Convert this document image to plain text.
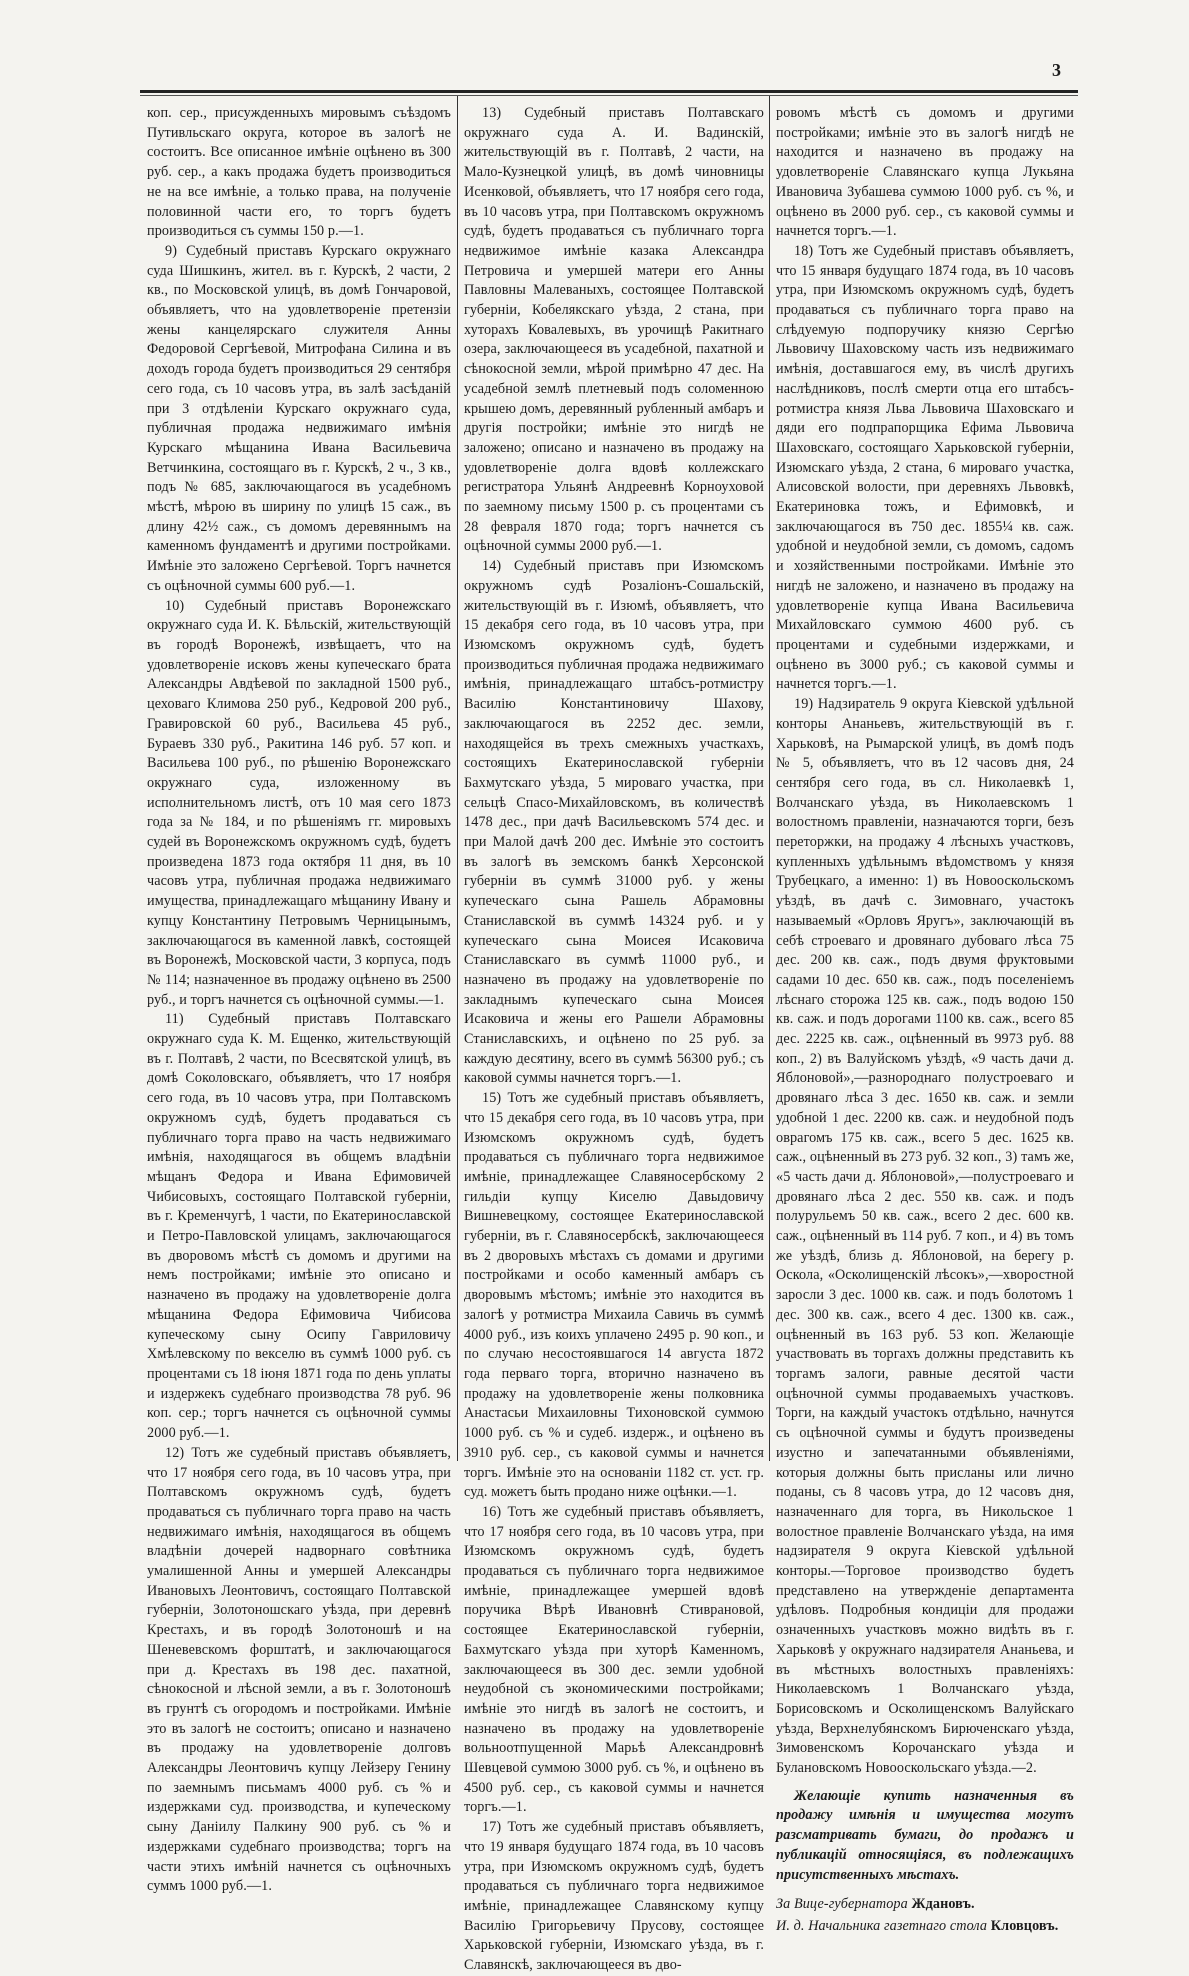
3

коп. сер., присужденныхъ мировымъ съѣздомъ Путивльскаго округа, которое въ залогѣ не состоитъ. Все описанное имѣніе оцѣнено въ 300 руб. сер., а какъ продажа будетъ производиться не на все имѣніе, а только права, на полученіе половинной части его, то торгъ будетъ производиться съ суммы 150 р.—1.

9) Судебный приставъ Курскаго окружнаго суда Шишкинъ, жител. въ г. Курскѣ, 2 части, 2 кв., по Московской улицѣ, въ домѣ Гончаровой, объявляетъ, что на удовлетвореніе претензіи жены канцелярскаго служителя Анны Федоровой Сергѣевой, Митрофана Силина и въ доходъ города будетъ производиться 29 сентября сего года, съ 10 часовъ утра, въ залѣ засѣданій при 3 отдѣленіи Курскаго окружнаго суда, публичная продажа недвижимаго имѣнія Курскаго мѣщанина Ивана Васильевича Ветчинкина, состоящаго въ г. Курскѣ, 2 ч., 3 кв., подъ № 685, заключающагося въ усадебномъ мѣстѣ, мѣрою въ ширину по улицѣ 15 саж., въ длину 42½ саж., съ домомъ деревяннымъ на каменномъ фундаментѣ и другими постройками. Имѣніе это заложено Сергѣевой. Торгъ начнется съ оцѣночной суммы 600 руб.—1.

10) Судебный приставъ Воронежскаго окружнаго суда И. К. Бѣльскій, жительствующій въ городѣ Воронежѣ, извѣщаетъ, что на удовлетвореніе исковъ жены купеческаго брата Александры Авдѣевой по закладной 1500 руб., цеховаго Климова 250 руб., Кедровой 200 руб., Гравировской 60 руб., Васильева 45 руб., Бураевъ 330 руб., Ракитина 146 руб. 57 коп. и Васильева 100 руб., по рѣшенію Воронежскаго окружнаго суда, изложенному въ исполнительномъ листѣ, отъ 10 мая сего 1873 года за № 184, и по рѣшеніямъ гг. мировыхъ судей въ Воронежскомъ окружномъ судѣ, будетъ произведена 1873 года октября 11 дня, въ 10 часовъ утра, публичная продажа недвижимаго имущества, принадлежащаго мѣщанину Ивану и купцу Константину Петровымъ Черницынымъ, заключающагося въ каменной лавкѣ, состоящей въ Воронежѣ, Московской части, 3 корпуса, подъ № 114; назначенное въ продажу оцѣнено въ 2500 руб., и торгъ начнется съ оцѣночной суммы.—1.

11) Судебный приставъ Полтавскаго окружнаго суда К. М. Ещенко, жительствующій въ г. Полтавѣ, 2 части, по Всесвятской улицѣ, въ домѣ Соколовскаго, объявляетъ, что 17 ноября сего года, въ 10 часовъ утра, при Полтавскомъ окружномъ судѣ, будетъ продаваться съ публичнаго торга право на часть недвижимаго имѣнія, находящагося въ общемъ владѣніи мѣщанъ Федора и Ивана Ефимовичей Чибисовыхъ, состоящаго Полтавской губерніи, въ г. Кременчугѣ, 1 части, по Екатеринославской и Петро-Павловской улицамъ, заключающагося въ дворовомъ мѣстѣ съ домомъ и другими на немъ постройками; имѣніе это описано и назначено въ продажу на удовлетвореніе долга мѣщанина Федора Ефимовича Чибисова купеческому сыну Осипу Гавриловичу Хмѣлевскому по векселю въ суммѣ 1000 руб. съ процентами съ 18 іюня 1871 года по день уплаты и издержекъ судебнаго производства 78 руб. 96 коп. сер.; торгъ начнется съ оцѣночной суммы 2000 руб.—1.

12) Тотъ же судебный приставъ объявляетъ, что 17 ноября сего года, въ 10 часовъ утра, при Полтавскомъ окружномъ судѣ, будетъ продаваться съ публичнаго торга право на часть недвижимаго имѣнія, находящагося въ общемъ владѣніи дочерей надворнаго совѣтника умалишенной Анны и умершей Александры Ивановыхъ Леонтовичъ, состоящаго Полтавской губерніи, Золотоношскаго уѣзда, при деревнѣ Крестахъ, и въ городѣ Золотоношѣ и на Шеневевскомъ форштатѣ, и заключающагося при д. Крестахъ въ 198 дес. пахатной, сѣнокосной и лѣсной земли, а въ г. Золотоношѣ въ грунтѣ съ огородомъ и постройками. Имѣніе это въ залогѣ не состоитъ; описано и назначено въ продажу на удовлетвореніе долговъ Александры Леонтовичъ купцу Лейзеру Генину по заемнымъ письмамъ 4000 руб. съ % и издержками суд. производства, и купеческому сыну Даніилу Палкину 900 руб. съ % и издержками судебнаго производства; торгъ на части этихъ имѣній начнется съ оцѣночныхъ суммъ 1000 руб.—1.

13) Судебный приставъ Полтавскаго окружнаго суда А. И. Вадинскій, жительствующій въ г. Полтавѣ, 2 части, на Мало-Кузнецкой улицѣ, въ домѣ чиновницы Исенковой, объявляетъ, что 17 ноября сего года, въ 10 часовъ утра, при Полтавскомъ окружномъ судѣ, будетъ продаваться съ публичнаго торга недвижимое имѣніе казака Александра Петровича и умершей матери его Анны Павловны Малеваныхъ, состоящее Полтавской губерніи, Кобелякскаго уѣзда, 2 стана, при хуторахъ Ковалевыхъ, въ урочищѣ Ракитнаго озера, заключающееся въ усадебной, пахатной и сѣнокосной земли, мѣрой примѣрно 47 дес. На усадебной землѣ плетневый подъ соломенною крышею домъ, деревянный рубленный амбаръ и другія постройки; имѣніе это нигдѣ не заложено; описано и назначено въ продажу на удовлетвореніе долга вдовѣ коллежскаго регистратора Ульянѣ Андреевнѣ Корноуховой по заемному письму 1500 р. съ процентами съ 28 февраля 1870 года; торгъ начнется съ оцѣночной суммы 2000 руб.—1.

14) Судебный приставъ при Изюмскомъ окружномъ судѣ Розаліонъ-Сошальскій, жительствующій въ г. Изюмѣ, объявляетъ, что 15 декабря сего года, въ 10 часовъ утра, при Изюмскомъ окружномъ судѣ, будетъ производиться публичная продажа недвижимаго имѣнія, принадлежащаго штабсъ-ротмистру Василію Константиновичу Шахову, заключающагося въ 2252 дес. земли, находящейся въ трехъ смежныхъ участкахъ, состоящихъ Екатеринославской губерніи Бахмутскаго уѣзда, 5 мироваго участка, при сельцѣ Спасо-Михайловскомъ, въ количествѣ 1478 дес., при дачѣ Васильевскомъ 574 дес. и при Малой дачѣ 200 дес. Имѣніе это состоитъ въ залогѣ въ земскомъ банкѣ Херсонской губерніи въ суммѣ 31000 руб. у жены купеческаго сына Рашель Абрамовны Станиславской въ суммѣ 14324 руб. и у купеческаго сына Моисея Исаковича Станиславскаго въ суммѣ 11000 руб., и назначено въ продажу на удовлетвореніе по закладнымъ купеческаго сына Моисея Исаковича и жены его Рашели Абрамовны Станиславскихъ, и оцѣнено по 25 руб. за каждую десятину, всего въ суммѣ 56300 руб.; съ каковой суммы начнется торгъ.—1.

15) Тотъ же судебный приставъ объявляетъ, что 15 декабря сего года, въ 10 часовъ утра, при Изюмскомъ окружномъ судѣ, будетъ продаваться съ публичнаго торга недвижимое имѣніе, принадлежащее Славяносербскому 2 гильдіи купцу Киселю Давыдовичу Вишневецкому, состоящее Екатеринославской губерніи, въ г. Славяносербскѣ, заключающееся въ 2 дворовыхъ мѣстахъ съ домами и другими постройками и особо каменный амбаръ съ дворовымъ мѣстомъ; имѣніе это находится въ залогѣ у ротмистра Михаила Савичь въ суммѣ 4000 руб., изъ коихъ уплачено 2495 р. 90 коп., и по случаю несостоявшагося 14 августа 1872 года перваго торга, вторично назначено въ продажу на удовлетвореніе жены полковника Анастасьи Михаиловны Тихоновской суммою 1000 руб. съ % и судеб. издерж., и оцѣнено въ 3910 руб. сер., съ каковой суммы и начнется торгъ. Имѣніе это на основаніи 1182 ст. уст. гр. суд. можетъ быть продано ниже оцѣнки.—1.

16) Тотъ же судебный приставъ объявляетъ, что 17 ноября сего года, въ 10 часовъ утра, при Изюмскомъ окружномъ судѣ, будетъ продаваться съ публичнаго торга недвижимое имѣніе, принадлежащее умершей вдовѣ поручика Вѣрѣ Ивановнѣ Стиврановой, состоящее Екатеринославской губерніи, Бахмутскаго уѣзда при хуторѣ Каменномъ, заключающееся въ 300 дес. земли удобной неудобной съ экономическими постройками; имѣніе это нигдѣ въ залогѣ не состоитъ, и назначено въ продажу на удовлетвореніе вольноотпущенной Марьѣ Александровнѣ Шевцевой суммою 3000 руб. съ %, и оцѣнено въ 4500 руб. сер., съ каковой суммы и начнется торгъ.—1.

17) Тотъ же судебный приставъ объявляетъ, что 19 января будущаго 1874 года, въ 10 часовъ утра, при Изюмскомъ окружномъ судѣ, будетъ продаваться съ публичнаго торга недвижимое имѣніе, принадлежащее Славянскому купцу Василію Григорьевичу Прусову, состоящее Харьковской губерніи, Изюмскаго уѣзда, въ г. Славянскѣ, заключающееся въ дво-

ровомъ мѣстѣ съ домомъ и другими постройками; имѣніе это въ залогѣ нигдѣ не находится и назначено въ продажу на удовлетвореніе Славянскаго купца Лукьяна Ивановича Зубашева суммою 1000 руб. съ %, и оцѣнено въ 2000 руб. сер., съ каковой суммы и начнется торгъ.—1.

18) Тотъ же Судебный приставъ объявляетъ, что 15 января будущаго 1874 года, въ 10 часовъ утра, при Изюмскомъ окружномъ судѣ, будетъ продаваться съ публичнаго торга право на слѣдуемую подпоручику князю Сергѣю Львовичу Шаховскому часть изъ недвижимаго имѣнія, доставшагося ему, въ числѣ другихъ наслѣдниковъ, послѣ смерти отца его штабсъ-ротмистра князя Льва Львовича Шаховскаго и дяди его подпрапорщика Ефима Львовича Шаховскаго, состоящаго Харьковской губерніи, Изюмскаго уѣзда, 2 стана, 6 мироваго участка, Алисовской волости, при деревняхъ Львовкѣ, Екатериновка тожъ, и Ефимовкѣ, и заключающагося въ 750 дес. 1855¼ кв. саж. удобной и неудобной земли, съ домомъ, садомъ и хозяйственными постройками. Имѣніе это нигдѣ не заложено, и назначено въ продажу на удовлетвореніе купца Ивана Васильевича Михайловскаго суммою 4600 руб. съ процентами и судебными издержками, и оцѣнено въ 3000 руб.; съ каковой суммы и начнется торгъ.—1.

19) Надзиратель 9 округа Кіевской удѣльной конторы Ананьевъ, жительствующій въ г. Харьковѣ, на Рымарской улицѣ, въ домѣ подъ № 5, объявляетъ, что въ 12 часовъ дня, 24 сентября сего года, въ сл. Николаевкѣ 1, Волчанскаго уѣзда, въ Николаевскомъ 1 волостномъ правленіи, назначаются торги, безъ переторжки, на продажу 4 лѣсныхъ участковъ, купленныхъ удѣльнымъ вѣдомствомъ у князя Трубецкаго, а именно: 1) въ Новооскольскомъ уѣздѣ, въ дачѣ с. Зимовнаго, участокъ называемый «Орловъ Яругъ», заключающій въ себѣ строеваго и дровянаго дубоваго лѣса 75 дес. 200 кв. саж., подъ двумя фруктовыми садами 10 дес. 650 кв. саж., подъ поселеніемъ лѣснаго сторожа 125 кв. саж., подъ водою 150 кв. саж. и подъ дорогами 1100 кв. саж., всего 85 дес. 2225 кв. саж., оцѣненный въ 9973 руб. 88 коп., 2) въ Валуйскомъ уѣздѣ, «9 часть дачи д. Яблоновой»,—разнороднаго полустроеваго и дровянаго лѣса 3 дес. 1650 кв. саж. и земли удобной 1 дес. 2200 кв. саж. и неудобной подъ оврагомъ 175 кв. саж., всего 5 дес. 1625 кв. саж., оцѣненный въ 273 руб. 32 коп., 3) тамъ же, «5 часть дачи д. Яблоновой»,—полустроеваго и дровянаго лѣса 2 дес. 550 кв. саж. и подъ полурульемъ 50 кв. саж., всего 2 дес. 600 кв. саж., оцѣненный въ 114 руб. 7 коп., и 4) въ томъ же уѣздѣ, близь д. Яблоновой, на берегу р. Оскола, «Осколищенскій лѣсокъ»,—хворостной заросли 3 дес. 1000 кв. саж. и подъ болотомъ 1 дес. 300 кв. саж., всего 4 дес. 1300 кв. саж., оцѣненный въ 163 руб. 53 коп. Желающіе участвовать въ торгахъ должны представить къ торгамъ залоги, равные десятой части оцѣночной суммы продаваемыхъ участковъ. Торги, на каждый участокъ отдѣльно, начнутся съ оцѣночной суммы и будутъ произведены изустно и запечатанными объявленіями, которыя должны быть присланы или лично поданы, съ 8 часовъ утра, до 12 часовъ дня, назначеннаго для торга, въ Никольское 1 волостное правленіе Волчанскаго уѣзда, на имя надзирателя 9 округа Кіевской удѣльной конторы.—Торговое производство будетъ представлено на утвержденіе департамента удѣловъ. Подробныя кондиціи для продажи означенныхъ участковъ можно видѣть въ г. Харьковѣ у окружнаго надзирателя Ананьева, и въ мѣстныхъ волостныхъ правленіяхъ: Николаевскомъ 1 Волчанскаго уѣзда, Борисовскомъ и Осколищенскомъ Валуйскаго уѣзда, Верхнелубянскомъ Бирюченскаго уѣзда, Зимовенскомъ Корочанскаго уѣзда и Булановскомъ Новооскольскаго уѣзда.—2.

Желающіе купить назначенныя въ продажу имѣнія и имущества могутъ разсматривать бумаги, до продажъ и публикацій относящіяся, въ подлежащихъ присутственныхъ мѣстахъ.

За Вице-губернатора Ждановъ.

И. д. Начальника газетнаго стола Кловцовъ.
